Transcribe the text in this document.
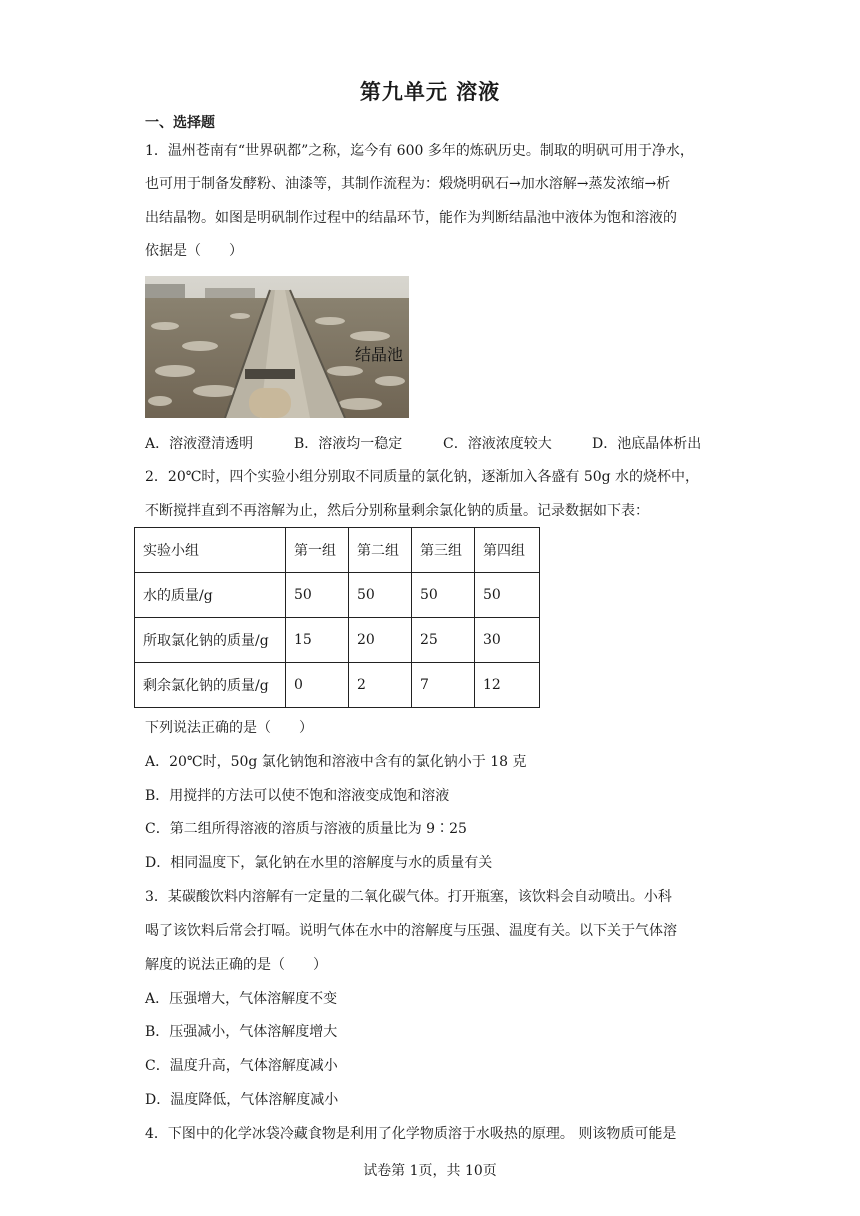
第九单元 溶液
一、选择题
1．温州苍南有“世界矾都”之称，迄今有 600 多年的炼矾历史。制取的明矾可用于净水，
也可用于制备发酵粉、油漆等，其制作流程为：煅烧明矾石→加水溶解→蒸发浓缩→析
出结晶物。如图是明矾制作过程中的结晶环节，能作为判断结晶池中液体为饱和溶液的
依据是（　　）
结晶池
A．溶液澄清透明	B．溶液均一稳定	C．溶液浓度较大	D．池底晶体析出
2．20℃时，四个实验小组分别取不同质量的氯化钠，逐渐加入各盛有 50g 水的烧杯中，
不断搅拌直到不再溶解为止，然后分别称量剩余氯化钠的质量。记录数据如下表：
实验小组	第一组	第二组	第三组	第四组
水的质量/g	50	50	50	50
所取氯化钠的质量/g	15	20	25	30
剩余氯化钠的质量/g	0	2	7	12
下列说法正确的是（　　）
A．20℃时，50g 氯化钠饱和溶液中含有的氯化钠小于 18 克
B．用搅拌的方法可以使不饱和溶液变成饱和溶液
C．第二组所得溶液的溶质与溶液的质量比为 9∶25
D．相同温度下，氯化钠在水里的溶解度与水的质量有关
3．某碳酸饮料内溶解有一定量的二氧化碳气体。打开瓶塞，该饮料会自动喷出。小科
喝了该饮料后常会打嗝。说明气体在水中的溶解度与压强、温度有关。以下关于气体溶
解度的说法正确的是（　　）
A．压强增大，气体溶解度不变
B．压强减小，气体溶解度增大
C．温度升高，气体溶解度减小
D．温度降低，气体溶解度减小
4．下图中的化学冰袋冷藏食物是利用了化学物质溶于水吸热的原理。 则该物质可能是
试卷第 1页，共 10页
